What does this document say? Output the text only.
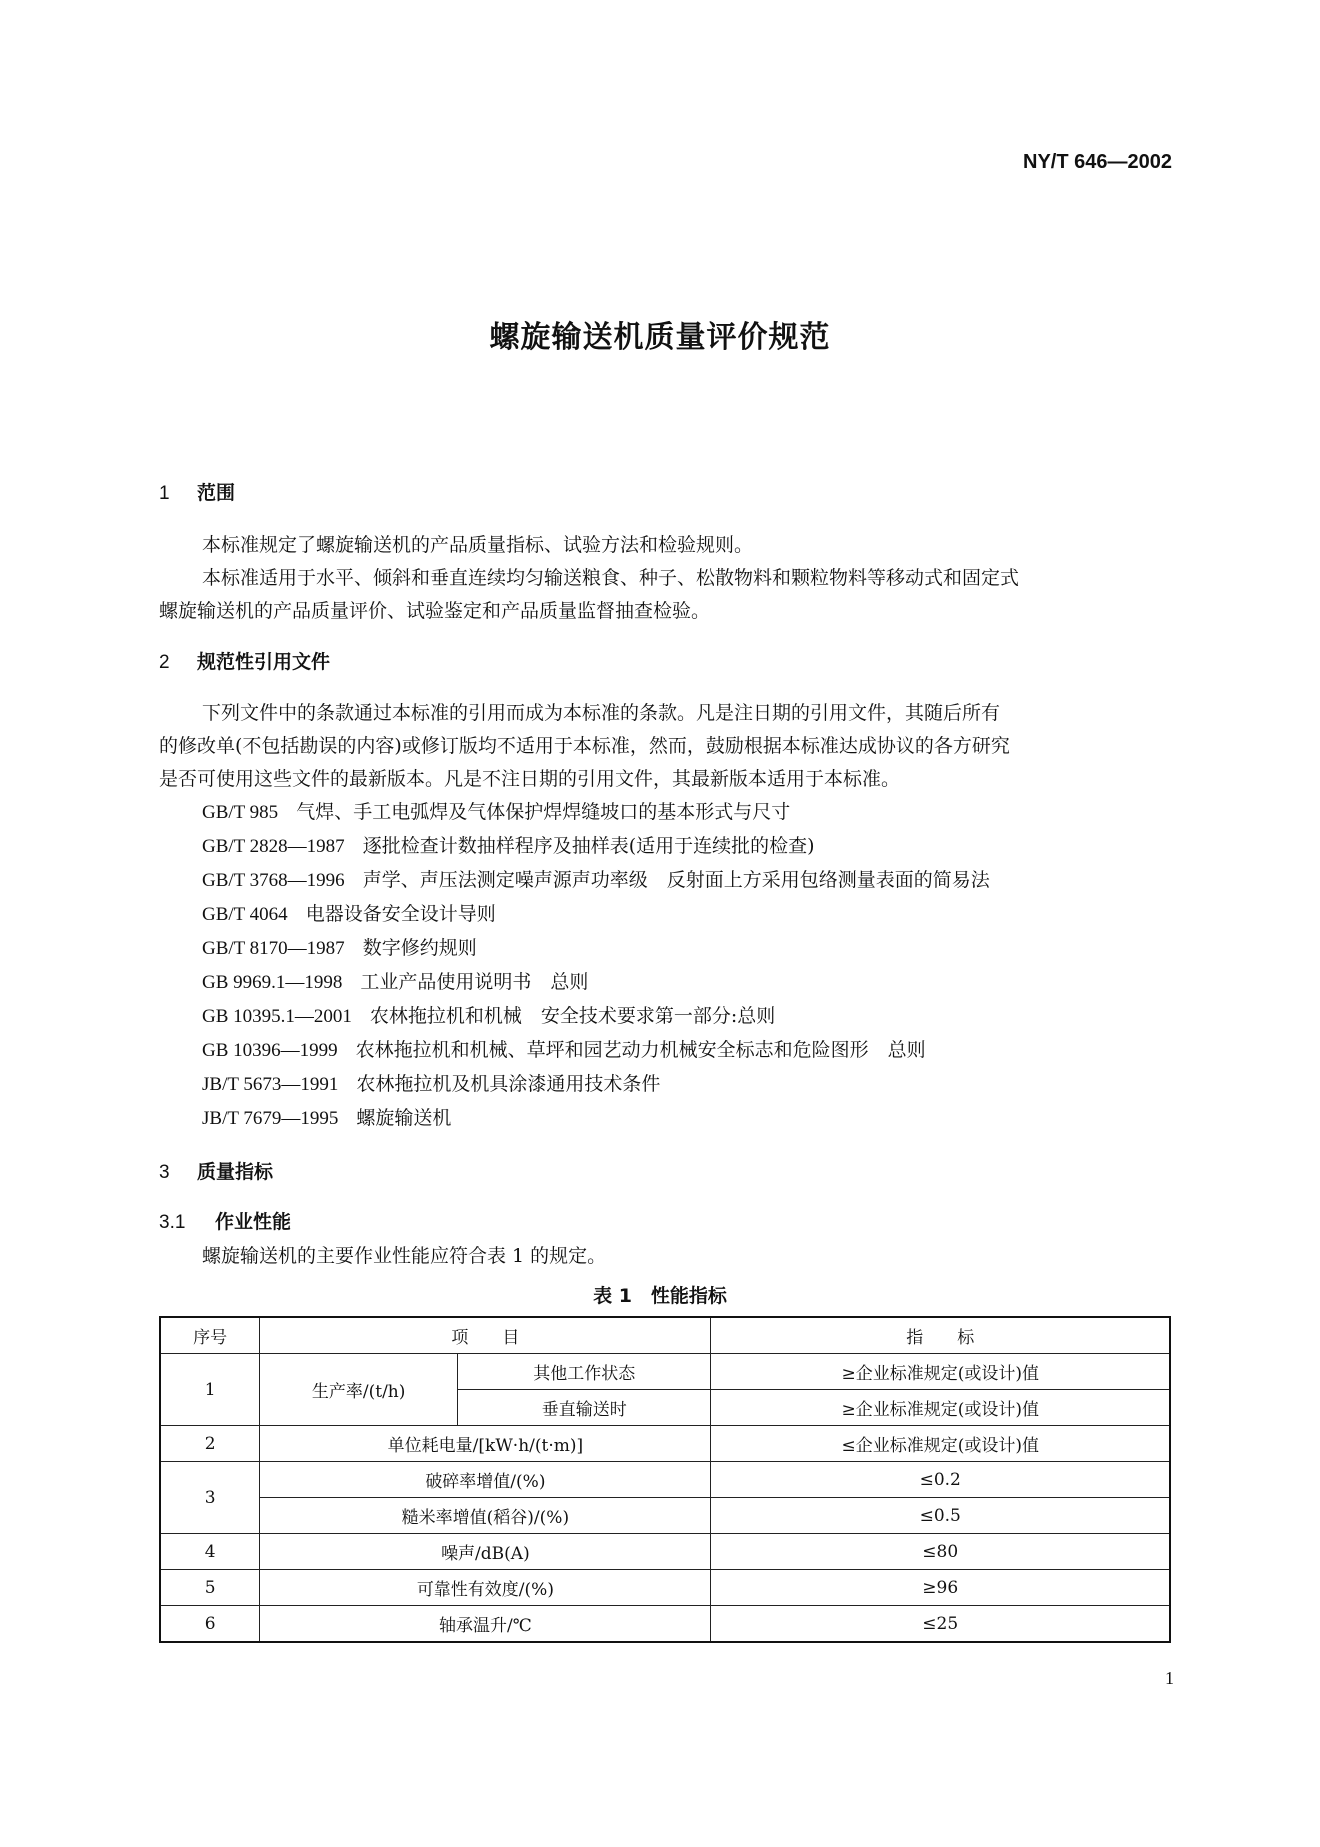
NY/T 646—2002
螺旋输送机质量评价规范
1 范围
本标准规定了螺旋输送机的产品质量指标、试验方法和检验规则。
本标准适用于水平、倾斜和垂直连续均匀输送粮食、种子、松散物料和颗粒物料等移动式和固定式
螺旋输送机的产品质量评价、试验鉴定和产品质量监督抽查检验。
2 规范性引用文件
下列文件中的条款通过本标准的引用而成为本标准的条款。凡是注日期的引用文件，其随后所有
的修改单(不包括勘误的内容)或修订版均不适用于本标准，然而，鼓励根据本标准达成协议的各方研究
是否可使用这些文件的最新版本。凡是不注日期的引用文件，其最新版本适用于本标准。
GB/T 985 气焊、手工电弧焊及气体保护焊焊缝坡口的基本形式与尺寸
GB/T 2828—1987 逐批检查计数抽样程序及抽样表(适用于连续批的检查)
GB/T 3768—1996 声学、声压法测定噪声源声功率级　反射面上方采用包络测量表面的简易法
GB/T 4064 电器设备安全设计导则
GB/T 8170—1987 数字修约规则
GB 9969.1—1998 工业产品使用说明书　总则
GB 10395.1—2001 农林拖拉机和机械　安全技术要求第一部分:总则
GB 10396—1999 农林拖拉机和机械、草坪和园艺动力机械安全标志和危险图形　总则
JB/T 5673—1991 农林拖拉机及机具涂漆通用技术条件
JB/T 7679—1995 螺旋输送机
3 质量指标
3.1 作业性能
螺旋输送机的主要作业性能应符合表 1 的规定。
表 1　性能指标
序号	项　　目		指　　标
1	生产率/(t/h)	其他工作状态	≥企业标准规定(或设计)值
		垂直输送时	≥企业标准规定(或设计)值
2	单位耗电量/[kW·h/(t·m)]		≤企业标准规定(或设计)值
3	破碎率增值/(%)		≤0.2
	糙米率增值(稻谷)/(%)		≤0.5
4	噪声/dB(A)		≤80
5	可靠性有效度/(%)		≥96
6	轴承温升/℃		≤25
1
